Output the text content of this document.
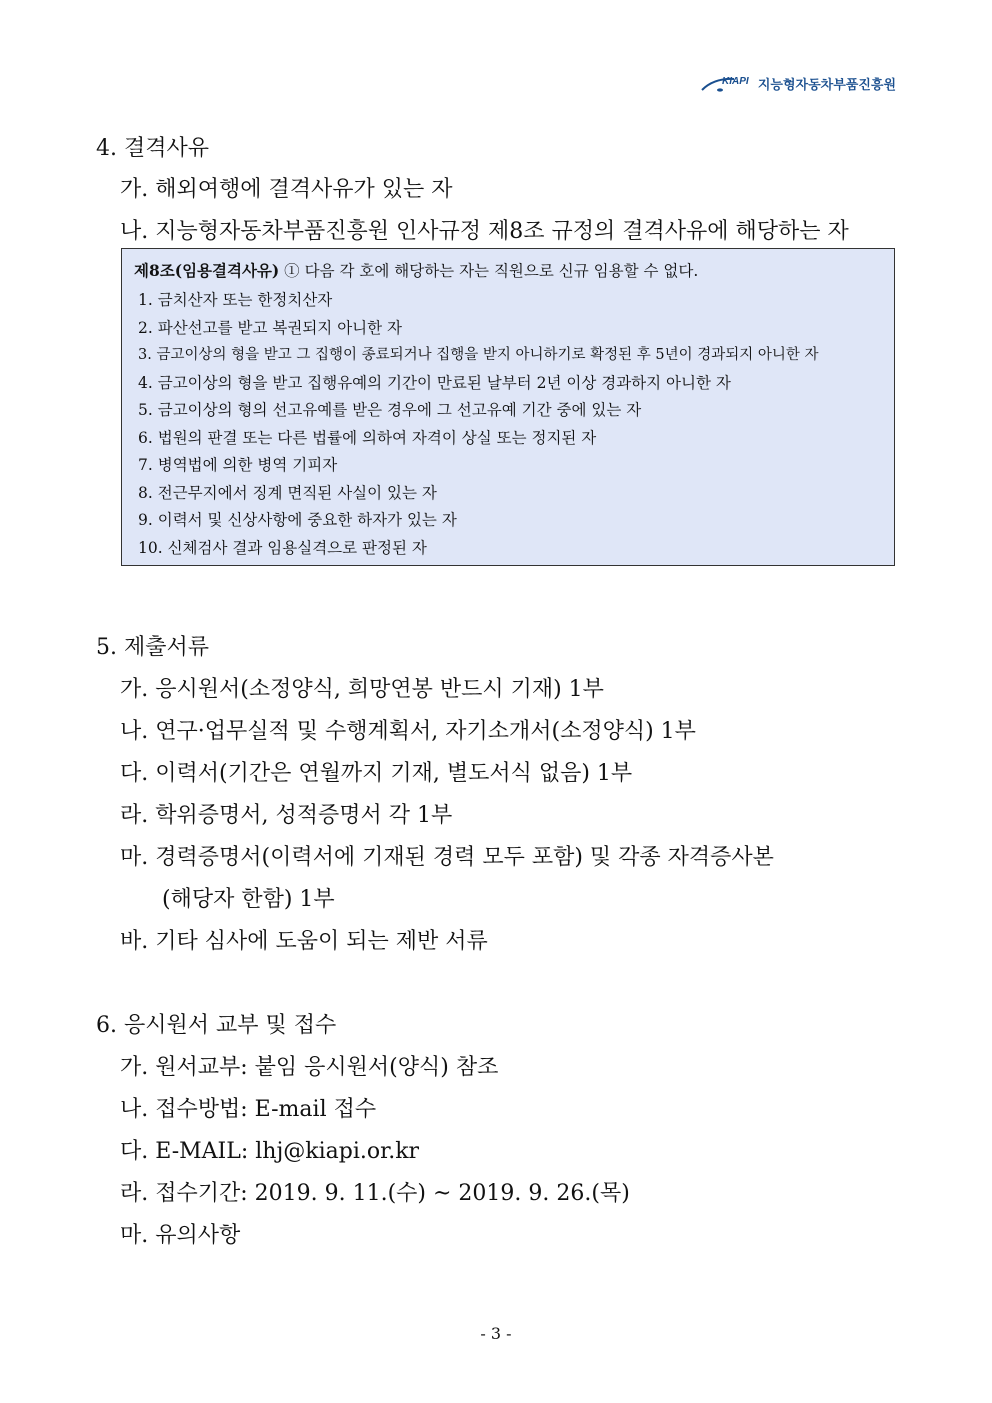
KIAPI 지능형자동차부품진흥원
4. 결격사유
가. 해외여행에 결격사유가 있는 자
나. 지능형자동차부품진흥원 인사규정 제8조 규정의 결격사유에 해당하는 자
제8조(임용결격사유) ① 다음 각 호에 해당하는 자는 직원으로 신규 임용할 수 없다.
1. 금치산자 또는 한정치산자
2. 파산선고를 받고 복권되지 아니한 자
3. 금고이상의 형을 받고 그 집행이 종료되거나 집행을 받지 아니하기로 확정된 후 5년이 경과되지 아니한 자
4. 금고이상의 형을 받고 집행유예의 기간이 만료된 날부터 2년 이상 경과하지 아니한 자
5. 금고이상의 형의 선고유예를 받은 경우에 그 선고유예 기간 중에 있는 자
6. 법원의 판결 또는 다른 법률에 의하여 자격이 상실 또는 정지된 자
7. 병역법에 의한 병역 기피자
8. 전근무지에서 징계 면직된 사실이 있는 자
9. 이력서 및 신상사항에 중요한 하자가 있는 자
10. 신체검사 결과 임용실격으로 판정된 자
5. 제출서류
가. 응시원서(소정양식, 희망연봉 반드시 기재) 1부
나. 연구·업무실적 및 수행계획서, 자기소개서(소정양식) 1부
다. 이력서(기간은 연월까지 기재, 별도서식 없음) 1부
라. 학위증명서, 성적증명서 각 1부
마. 경력증명서(이력서에 기재된 경력 모두 포함) 및 각종 자격증사본
(해당자 한함) 1부
바. 기타 심사에 도움이 되는 제반 서류
6. 응시원서 교부 및 접수
가. 원서교부: 붙임 응시원서(양식) 참조
나. 접수방법: E-mail 접수
다. E-MAIL: lhj@kiapi.or.kr
라. 접수기간: 2019. 9. 11.(수) ~ 2019. 9. 26.(목)
마. 유의사항
- 3 -
